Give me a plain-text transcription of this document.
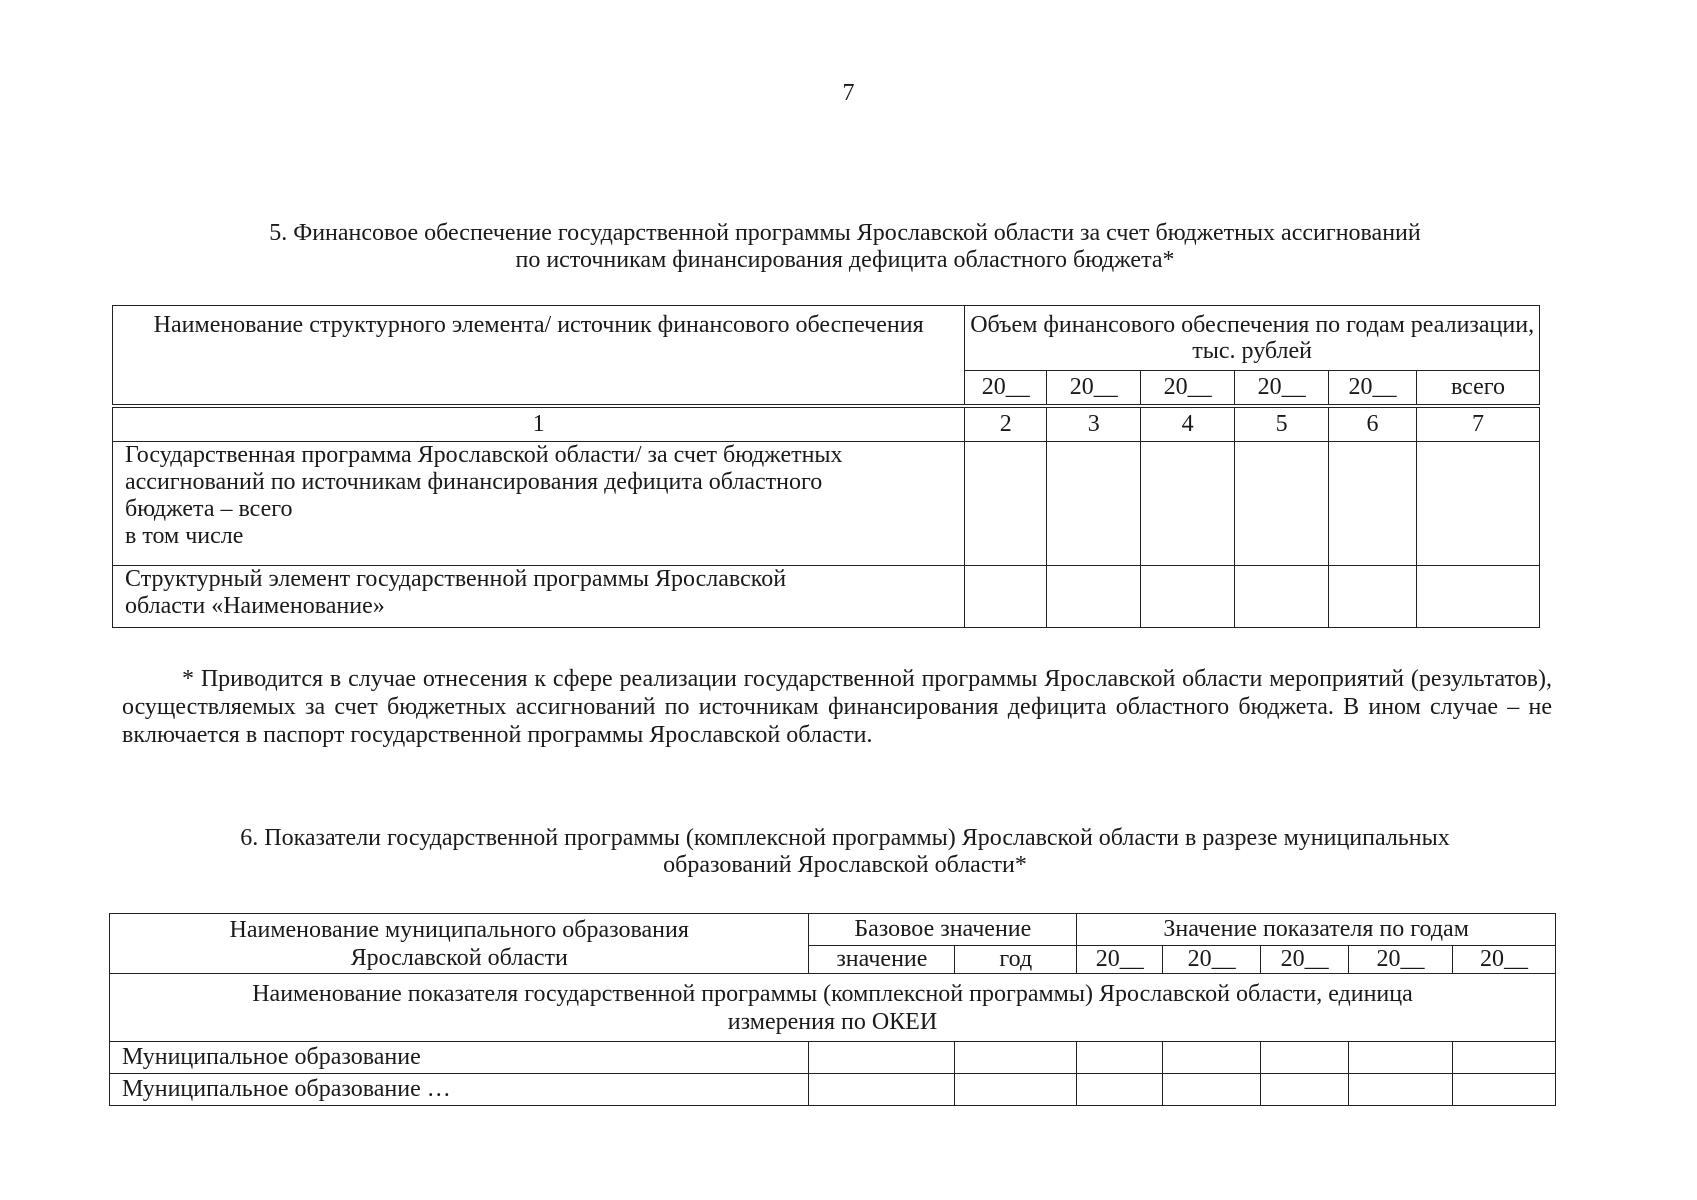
7
5. Финансовое обеспечение государственной программы Ярославской области за счет бюджетных ассигнований
по источникам финансирования дефицита областного бюджета*
Наименование структурного элемента/ источник финансового обеспечения	Объем финансового обеспечения по годам реализации, тыс. рублей					
	20__	20__	20__	20__	20__	всего

1	2	3	4	5	6	7

Государственная программа Ярославской области/ за счет бюджетных
ассигнований по источникам финансирования дефицита областного
бюджета – всего
в том числе						

Структурный элемент государственной программы Ярославской
области «Наименование»						

* Приводится в случае отнесения к сфере реализации государственной программы Ярославской области мероприятий (результатов), осуществляемых за счет бюджетных ассигнований по источникам финансирования дефицита областного бюджета. В ином случае – не включается в паспорт государственной программы Ярославской области.
6. Показатели государственной программы (комплексной программы) Ярославской области в разрезе муниципальных
образований Ярославской области*
Наименование муниципального образования
Ярославской области	Базовое значение		Значение показателя по годам				
	значение	год	20__	20__	20__	20__	20__

Наименование показателя государственной программы (комплексной программы) Ярославской области, единица
измерения по ОКЕИ							

Муниципальное образование							
Муниципальное образование …							
